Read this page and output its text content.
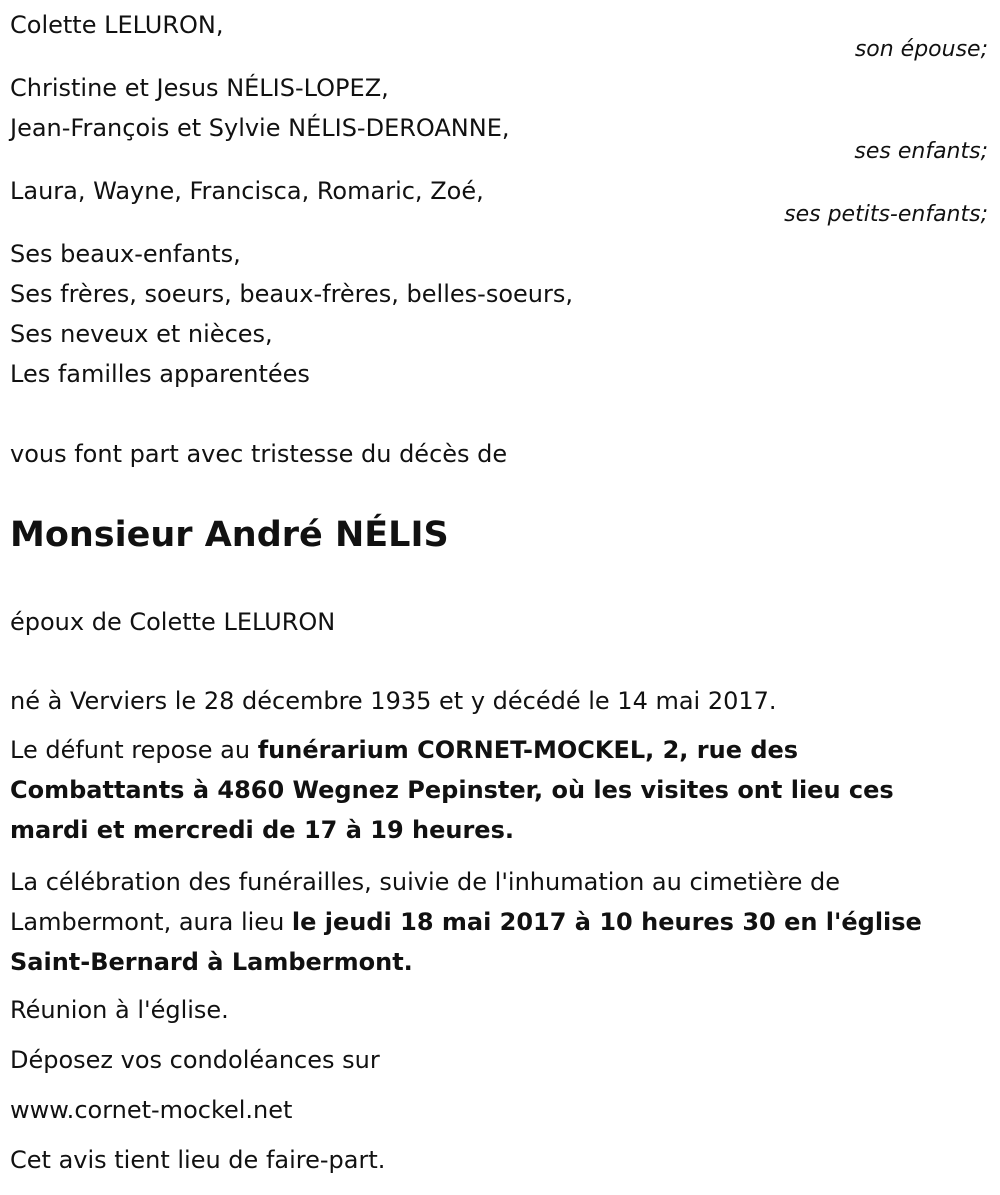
Colette LELURON,
son épouse;
Christine et Jesus NÉLIS-LOPEZ,
Jean-François et Sylvie NÉLIS-DEROANNE,
ses enfants;
Laura, Wayne, Francisca, Romaric, Zoé,
ses petits-enfants;
Ses beaux-enfants,
Ses frères, soeurs, beaux-frères, belles-soeurs,
Ses neveux et nièces,
Les familles apparentées
vous font part avec tristesse du décès de
Monsieur André NÉLIS
époux de Colette LELURON
né à Verviers le 28 décembre 1935 et y décédé le 14 mai 2017.
Le défunt repose au funérarium CORNET-MOCKEL, 2, rue des Combattants à 4860 Wegnez Pepinster, où les visites ont lieu ces mardi et mercredi de 17 à 19 heures.
La célébration des funérailles, suivie de l'inhumation au cimetière de Lambermont, aura lieu le jeudi 18 mai 2017 à 10 heures 30 en l'église Saint-Bernard à Lambermont.
Réunion à l'église.
Déposez vos condoléances sur
www.cornet-mockel.net
Cet avis tient lieu de faire-part.
